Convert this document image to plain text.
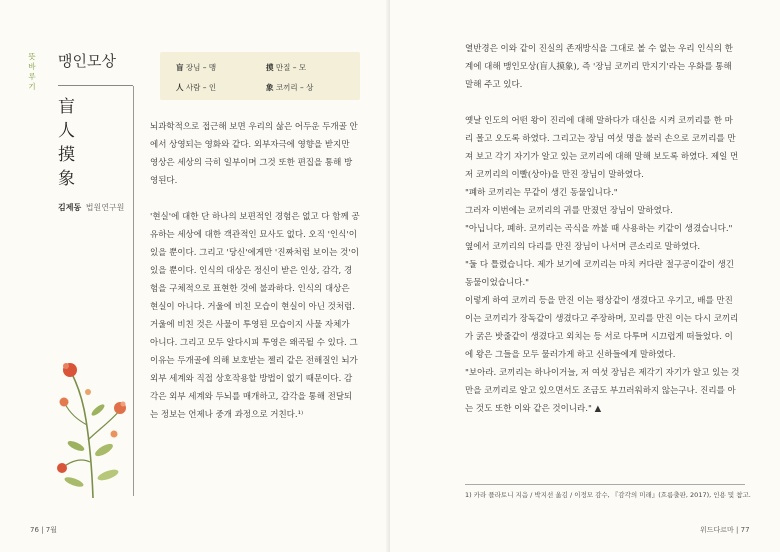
뜻
바
루
기
맹인모상
盲
人
摸
象
김제동 법원연구원
盲 장님 – 맹	摸 만질 – 모
人 사람 – 인	象 코끼리 – 상

뇌과학적으로 접근해 보면 우리의 삶은 어두운 두개골 안에서 상영되는 영화와 같다. 외부자극에 영향을 받지만 영상은 세상의 극히 일부이며 그것 또한 편집을 통해 방영된다.

'현실'에 대한 단 하나의 보편적인 경험은 없고 다 함께 공유하는 세상에 대한 객관적인 묘사도 없다. 오직 '인식'이 있을 뿐이다. 그리고 '당신'에게만 '진짜처럼 보이는 것'이 있을 뿐이다. 인식의 대상은 정신이 받은 인상, 감각, 경험을 구체적으로 표현한 것에 불과하다. 인식의 대상은 현실이 아니다. 거울에 비친 모습이 현실이 아닌 것처럼. 거울에 비친 것은 사물이 투영된 모습이지 사물 자체가 아니다. 그리고 모두 알다시피 투영은 왜곡될 수 있다. 그 이유는 두개골에 의해 보호받는 젤리 같은 전해질인 뇌가 외부 세계와 직접 상호작용할 방법이 없기 때문이다. 감각은 외부 세계와 두뇌를 매개하고, 감각을 통해 전달되는 정보는 언제나 중개 과정으로 거친다.¹⁾

76 | 7월

열반경은 이와 같이 진실의 존재방식을 그대로 볼 수 없는 우리 인식의 한계에 대해 맹인모상(盲人摸象), 즉 '장님 코끼리 만지기'라는 우화를 통해 말해 주고 있다.

옛날 인도의 어떤 왕이 진리에 대해 말하다가 대신을 시켜 코끼리를 한 마리 몰고 오도록 하였다. 그리고는 장님 여섯 명을 불러 손으로 코끼리를 만져 보고 각기 자기가 알고 있는 코끼리에 대해 말해 보도록 하였다. 제일 먼저 코끼리의 이빨(상아)을 만진 장님이 말하였다.

"폐하 코끼리는 무같이 생긴 동물입니다."

그러자 이번에는 코끼리의 귀를 만졌던 장님이 말하였다.

"아닙니다, 폐하. 코끼리는 곡식을 까불 때 사용하는 키같이 생겼습니다."

옆에서 코끼리의 다리를 만진 장님이 나서며 큰소리로 말하였다.

"둘 다 틀렸습니다. 제가 보기에 코끼리는 마치 커다란 절구공이같이 생긴 동물이었습니다."

이렇게 하여 코끼리 등을 만진 이는 평상같이 생겼다고 우기고, 배를 만진 이는 코끼리가 장독같이 생겼다고 주장하며, 꼬리를 만진 이는 다시 코끼리가 굵은 밧줄같이 생겼다고 외치는 등 서로 다투며 시끄럽게 떠들었다. 이에 왕은 그들을 모두 물러가게 하고 신하들에게 말하였다.

"보아라. 코끼리는 하나이거늘, 저 여섯 장님은 제각기 자기가 알고 있는 것만을 코끼리로 알고 있으면서도 조금도 부끄러워하지 않는구나. 진리를 아는 것도 또한 이와 같은 것이니라." ▲

1) 카라 플라토니 지음 / 박지선 옮김 / 이정모 감수, 『감각의 미래』(흐름출판, 2017), 인용 및 참고.
위드다르마 | 77
